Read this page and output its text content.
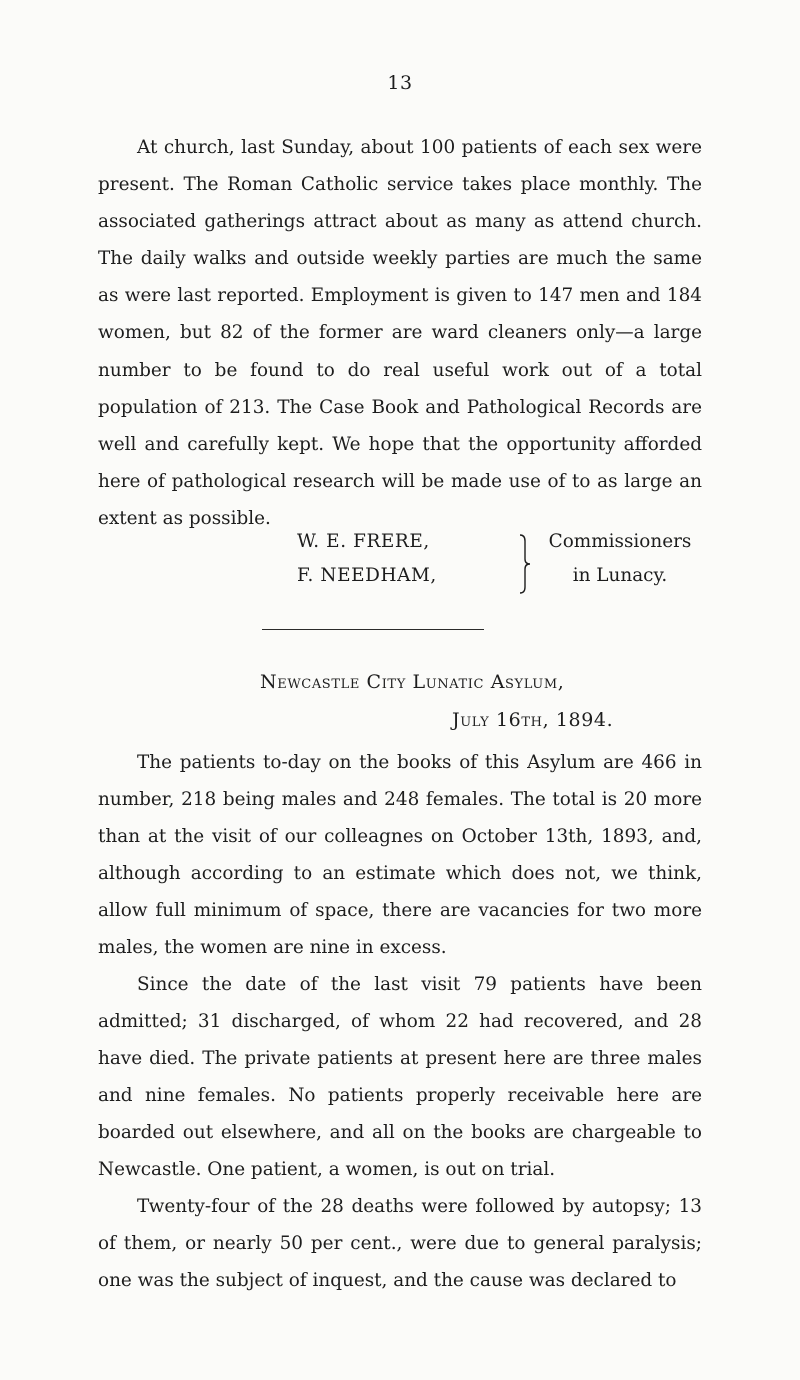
13

At church, last Sunday, about 100 patients of each sex were present. The Roman Catholic service takes place monthly. The associated gatherings attract about as many as attend church. The daily walks and outside weekly parties are much the same as were last reported. Employment is given to 147 men and 184 women, but 82 of the former are ward cleaners only—a large number to be found to do real useful work out of a total population of 213. The Case Book and Pathological Records are well and carefully kept. We hope that the opportunity afforded here of pathological research will be made use of to as large an extent as possible.

W. E. FRERE,
F. NEEDHAM,
Commissioners
in Lunacy.
Newcastle City Lunatic Asylum,
July 16th, 1894.

The patients to-day on the books of this Asylum are 466 in number, 218 being males and 248 females. The total is 20 more than at the visit of our colleagnes on October 13th, 1893, and, although according to an estimate which does not, we think, allow full minimum of space, there are vacancies for two more males, the women are nine in excess.

Since the date of the last visit 79 patients have been admitted; 31 discharged, of whom 22 had recovered, and 28 have died. The private patients at present here are three males and nine females. No patients properly receivable here are boarded out elsewhere, and all on the books are chargeable to Newcastle. One patient, a women, is out on trial.

Twenty-four of the 28 deaths were followed by autopsy; 13 of them, or nearly 50 per cent., were due to general paralysis; one was the subject of inquest, and the cause was declared to
